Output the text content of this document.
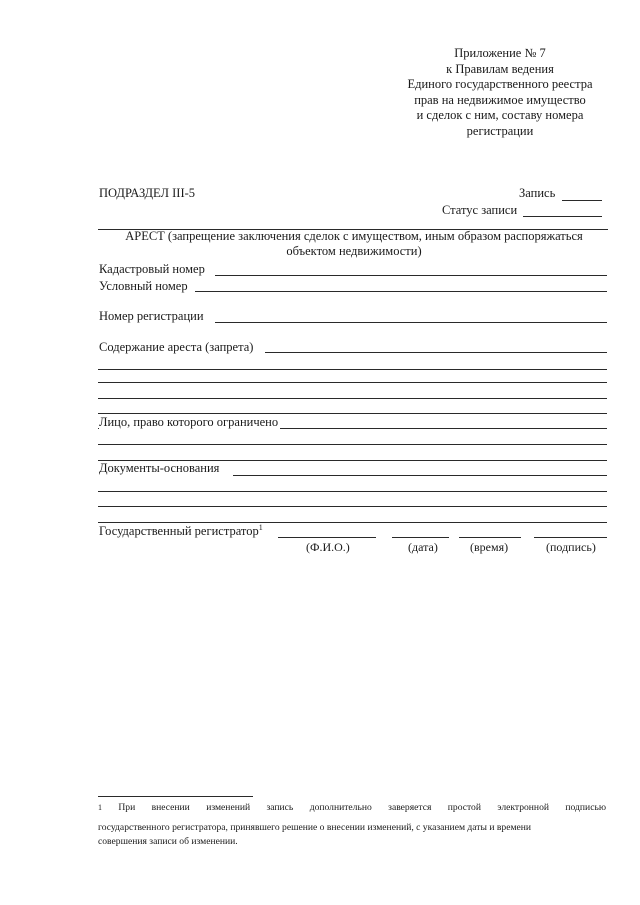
Приложение № 7
к Правилам ведения
Единого государственного реестра
прав на недвижимое имущество
и сделок с ним, составу номера
регистрации
ПОДРАЗДЕЛ III-5	Запись
Статус записи
АРЕСТ (запрещение заключения сделок с имуществом, иным образом распоряжаться
объектом недвижимости)
Кадастровый номер
Условный номер
Номер регистрации
Содержание ареста (запрета)
Лицо, право которого ограничено
Документы-основания
Государственный регистратор$^1$
(Ф.И.О.)	(дата)	(время)	(подпись)
$^1$ При внесении изменений запись дополнительно заверяется простой электронной подписью
государственного регистратора, принявшего решение о внесении изменений, с указанием даты и времени
совершения записи об изменении.
